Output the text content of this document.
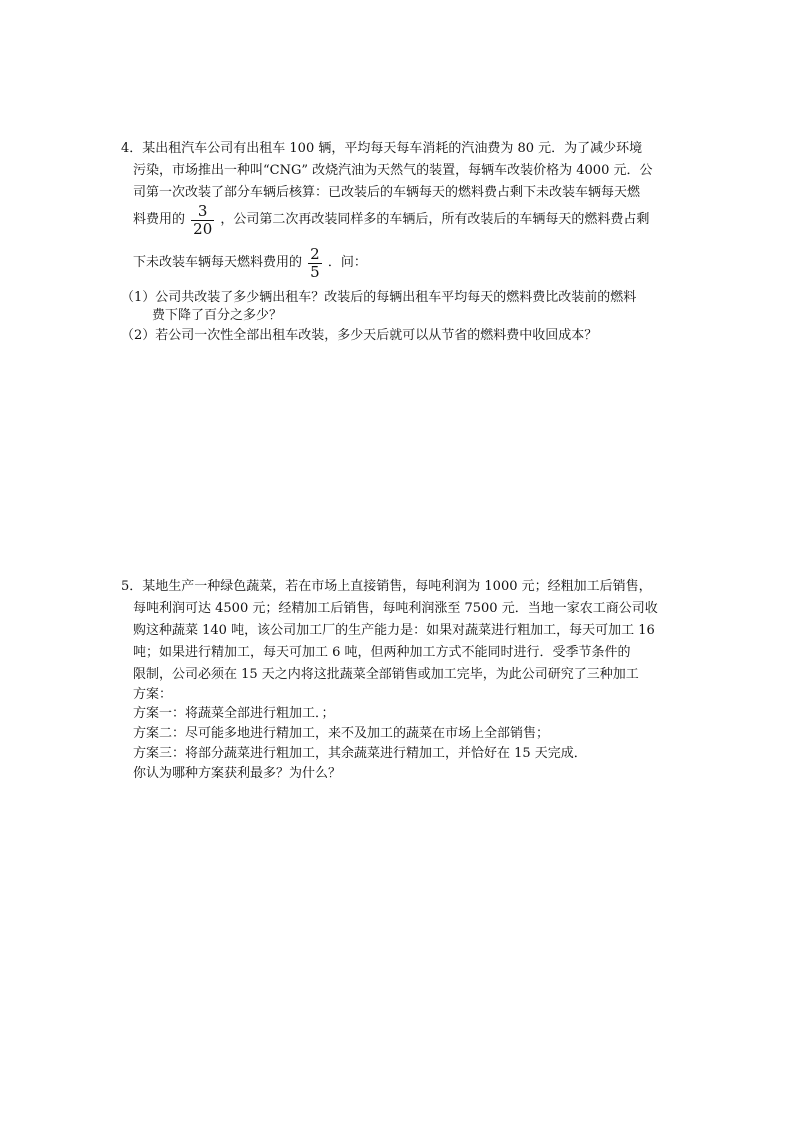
4．某出租汽车公司有出租车 100 辆，平均每天每车消耗的汽油费为 80 元．为了减少环境
污染，市场推出一种叫“CNG” 改烧汽油为天然气的装置，每辆车改装价格为 4000 元．公
司第一次改装了部分车辆后核算：已改装后的车辆每天的燃料费占剩下未改装车辆每天燃
料费用的 $\frac{3}{20}$ ，公司第二次再改装同样多的车辆后，所有改装后的车辆每天的燃料费占剩
下未改装车辆每天燃料费用的 $\frac{2}{5}$ ．问：
（1）公司共改装了多少辆出租车？改装后的每辆出租车平均每天的燃料费比改装前的燃料
费下降了百分之多少？
（2）若公司一次性全部出租车改装，多少天后就可以从节省的燃料费中收回成本？
5．某地生产一种绿色蔬菜，若在市场上直接销售，每吨利润为 1000 元；经粗加工后销售，
每吨利润可达 4500 元；经精加工后销售，每吨利润涨至 7500 元．当地一家农工商公司收
购这种蔬菜 140 吨，该公司加工厂的生产能力是：如果对蔬菜进行粗加工，每天可加工 16
吨；如果进行精加工，每天可加工 6 吨，但两种加工方式不能同时进行．受季节条件的
限制，公司必须在 15 天之内将这批蔬菜全部销售或加工完毕，为此公司研究了三种加工
方案：
方案一：将蔬菜全部进行粗加工．；
方案二：尽可能多地进行精加工，来不及加工的蔬菜在市场上全部销售；
方案三：将部分蔬菜进行粗加工，其余蔬菜进行精加工，并恰好在 15 天完成．
你认为哪种方案获利最多？为什么？
